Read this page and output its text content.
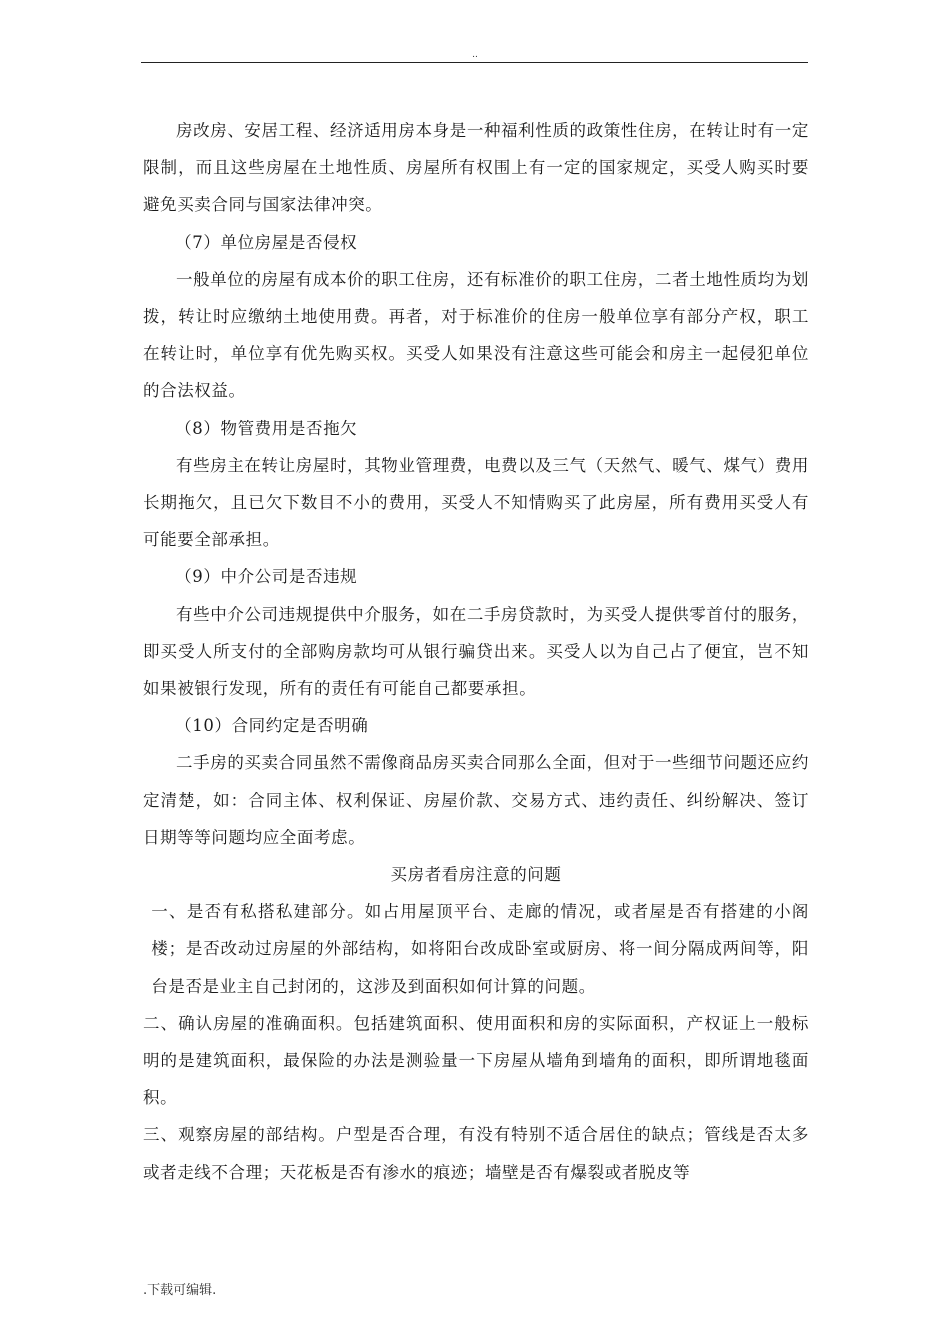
..

房改房、安居工程、经济适用房本身是一种福利性质的政策性住房，在转让时有一定限制，而且这些房屋在土地性质、房屋所有权围上有一定的国家规定，买受人购买时要避免买卖合同与国家法律冲突。

（7）单位房屋是否侵权

一般单位的房屋有成本价的职工住房，还有标准价的职工住房，二者土地性质均为划拨，转让时应缴纳土地使用费。再者，对于标准价的住房一般单位享有部分产权，职工在转让时，单位享有优先购买权。买受人如果没有注意这些可能会和房主一起侵犯单位的合法权益。

（8）物管费用是否拖欠

有些房主在转让房屋时，其物业管理费，电费以及三气（天然气、暖气、煤气）费用长期拖欠，且已欠下数目不小的费用，买受人不知情购买了此房屋，所有费用买受人有可能要全部承担。

（9）中介公司是否违规

有些中介公司违规提供中介服务，如在二手房贷款时，为买受人提供零首付的服务，即买受人所支付的全部购房款均可从银行骗贷出来。买受人以为自己占了便宜，岂不知如果被银行发现，所有的责任有可能自己都要承担。

（10）合同约定是否明确

二手房的买卖合同虽然不需像商品房买卖合同那么全面，但对于一些细节问题还应约定清楚，如：合同主体、权利保证、房屋价款、交易方式、违约责任、纠纷解决、签订日期等等问题均应全面考虑。

买房者看房注意的问题

一、是否有私搭私建部分。如占用屋顶平台、走廊的情况，或者屋是否有搭建的小阁楼；是否改动过房屋的外部结构，如将阳台改成卧室或厨房、将一间分隔成两间等，阳台是否是业主自己封闭的，这涉及到面积如何计算的问题。

二、确认房屋的准确面积。包括建筑面积、使用面积和房的实际面积，产权证上一般标明的是建筑面积，最保险的办法是测验量一下房屋从墙角到墙角的面积，即所谓地毯面积。

三、观察房屋的部结构。户型是否合理，有没有特别不适合居住的缺点；管线是否太多或者走线不合理；天花板是否有渗水的痕迹；墙壁是否有爆裂或者脱皮等

.下载可编辑.
